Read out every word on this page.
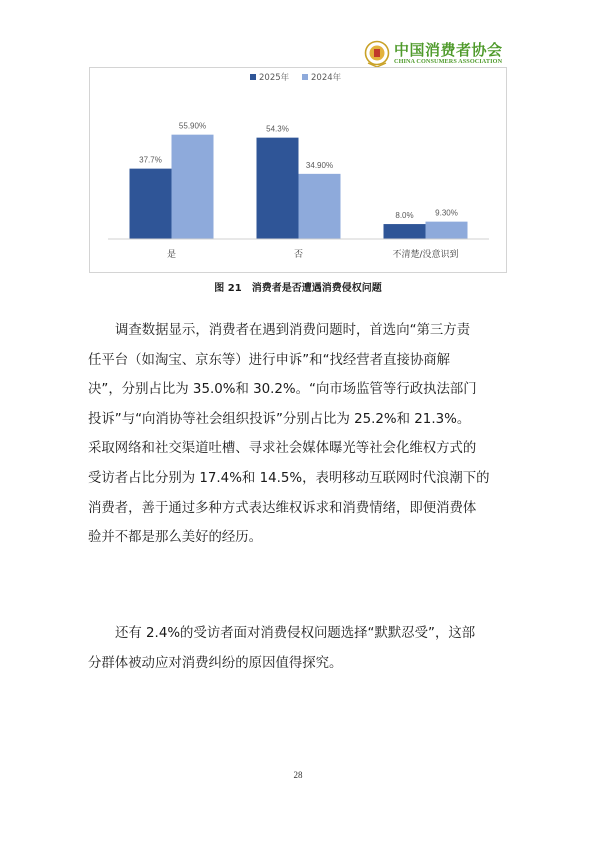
中国消费者协会
CHINA CONSUMERS ASSOCIATION
2025年	2024年
37.7%
55.90%	54.3%
34.90%
8.0%	9.30%
是	否	不清楚/没意识到
图 21　消费者是否遭遇消费侵权问题
调查数据显示，消费者在遇到消费问题时，首选向“第三方责
任平台（如淘宝、京东等）进行申诉”和“找经营者直接协商解
决”，分别占比为 35.0%和 30.2%。“向市场监管等行政执法部门
投诉”与“向消协等社会组织投诉”分别占比为 25.2%和 21.3%。
采取网络和社交渠道吐槽、寻求社会媒体曝光等社会化维权方式的
受访者占比分别为 17.4%和 14.5%，表明移动互联网时代浪潮下的
消费者，善于通过多种方式表达维权诉求和消费情绪，即便消费体
验并不都是那么美好的经历。
还有 2.4%的受访者面对消费侵权问题选择“默默忍受”，这部
分群体被动应对消费纠纷的原因值得探究。
28
